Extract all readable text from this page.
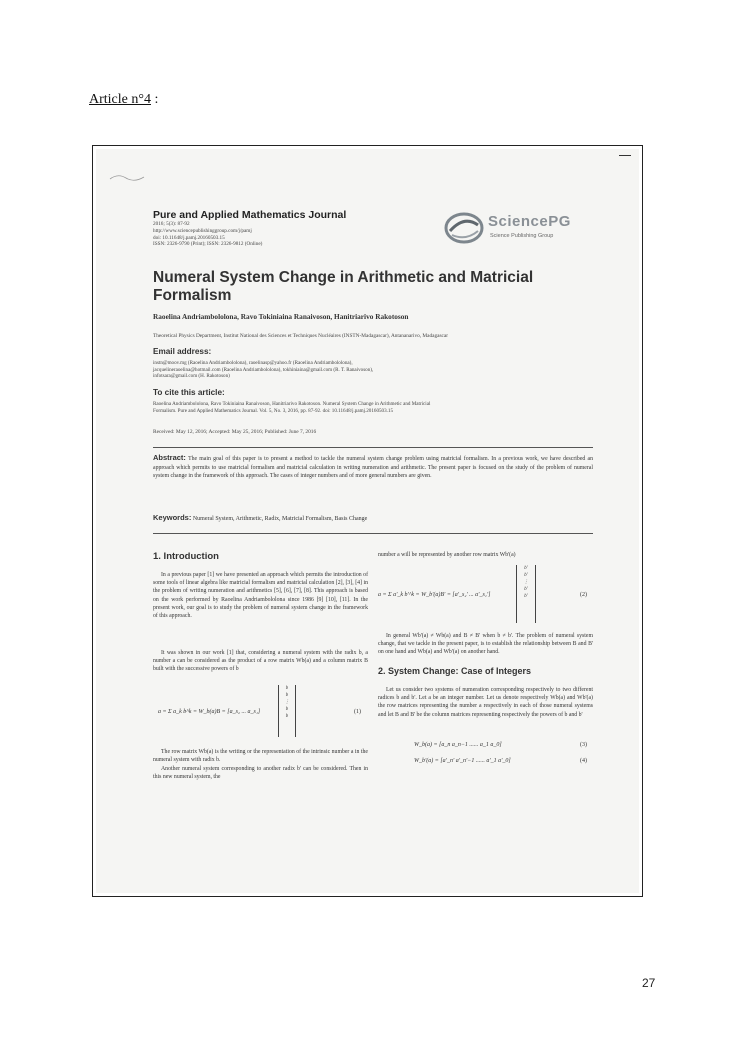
Article n°4 :
Pure and Applied Mathematics Journal
2016; 5(3): 87-92
http://www.sciencepublishinggroup.com/j/pamj
doi: 10.11648/j.pamj.20160503.15
ISSN: 2326-9790 (Print); ISSN: 2326-9812 (Online)
SciencePG
Science Publishing Group
Numeral System Change in Arithmetic and Matricial Formalism
Raoelina Andriambololona, Ravo Tokiniaina Ranaivoson, Hanitriarivo Rakotoson
Theoretical Physics Department, Institut National des Sciences et Techniques Nucléaires (INSTN-Madagascar), Antananarivo, Madagascar
Email address:
instn@moov.mg (Raoelina Andriambololona), raoelinasp@yahoo.fr (Raoelina Andriambololona),
jacquelineraoelina@hotmail.com (Raoelina Andriambololona), tokhiniaina@gmail.com (R. T. Ranaivoson),
infotsara@gmail.com (H. Rakotoson)
To cite this article:
Raoelina Andriambololona, Ravo Tokiniaina Ranaivoson, Hanitriarivo Rakotoson. Numeral System Change in Arithmetic and Matricial
Formalism. Pure and Applied Mathematics Journal. Vol. 5, No. 3, 2016, pp. 87-92. doi: 10.11648/j.pamj.20160503.15
Received: May 12, 2016; Accepted: May 25, 2016; Published: June 7, 2016
Abstract: The main goal of this paper is to present a method to tackle the numeral system change problem using matricial formalism. In a previous work, we have described an approach which permits to use matricial formalism and matricial calculation in writing numeration and arithmetic. The present paper is focused on the study of the problem of numeral system change in the framework of this approach. The cases of integer numbers and of more general numbers are given.
Keywords: Numeral System, Arithmetic, Radix, Matricial Formalism, Basis Change
1. Introduction
In a previous paper [1] we have presented an approach which permits the introduction of some tools of linear algebra like matricial formalism and matricial calculation [2], [3], [4] in the problem of writing numeration and arithmetics [5], [6], [7], [8]. This approach is based on the work performed by Raoelina Andriambololona since 1986 [9] [10], [11]. In the present work, our goal is to study the problem of numeral system change in the framework of this approach.
It was shown in our work [1] that, considering a numeral system with the radix b, a number a can be considered as the product of a row matrix Wb(a) and a column matrix B built with the successive powers of b
a = Σ a_k b^k = W_b(a)B = [a_s₂ ... a_s₁]
b
b
⋮
b
b
(1)
The row matrix Wb(a) is the writing or the representation of the intrinsic number a in the numeral system with radix b.
Another numeral system corresponding to another radix b' can be considered. Then in this new numeral system, the
number a will be represented by another row matrix Wb'(a)
a = Σ a'_k b'^k = W_b'(a)B' = [a'_s₂' ... a'_s₁']
b'
b'
⋮
b'
b'	(2)
In general Wb'(a) ≠ Wb(a) and B ≠ B' when b ≠ b'. The problem of numeral system change, that we tackle in the present paper, is to establish the relationship between B and B' on one hand and Wb(a) and Wb'(a) on another hand.
2. System Change: Case of Integers
Let us consider two systems of numeration corresponding respectively to two different radices b and b'. Let a be an integer number. Let us denote respectively Wb(a) and Wb'(a) the row matrices representing the number a respectively in each of those numeral systems and let B and B' be the column matrices representing respectively the powers of b and b'
W_b(a) = [a_n a_n−1 ...... a_1 a_0]	(3)
W_b'(a) = [a'_n' a'_n'−1 ...... a'_1 a'_0]	(4)
27
